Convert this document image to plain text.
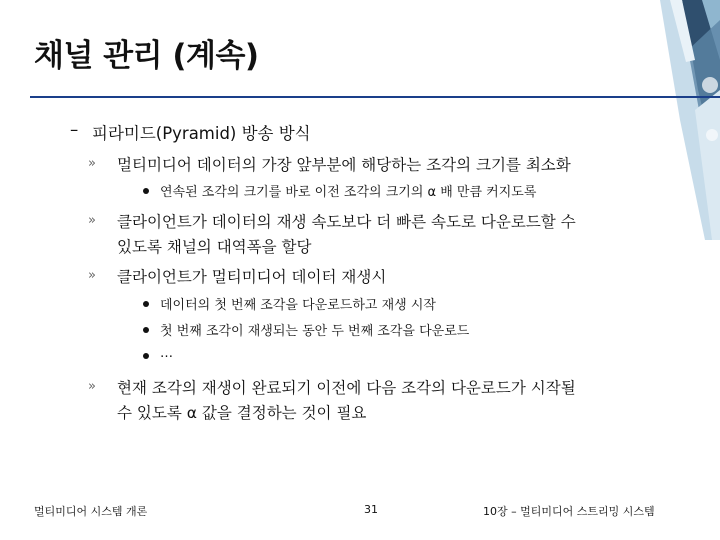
채널 관리 (계속)
– 피라미드(Pyramid) 방송 방식
» 멀티미디어 데이터의 가장 앞부분에 해당하는 조각의 크기를 최소화
연속된 조각의 크기를 바로 이전 조각의 크기의 α 배 만큼 커지도록
» 클라이언트가 데이터의 재생 속도보다 더 빠른 속도로 다운로드할 수
있도록 채널의 대역폭을 할당
» 클라이언트가 멀티미디어 데이터 재생시
데이터의 첫 번째 조각을 다운로드하고 재생 시작
첫 번째 조각이 재생되는 동안 두 번째 조각을 다운로드
…
» 현재 조각의 재생이 완료되기 이전에 다음 조각의 다운로드가 시작될
수 있도록 α 값을 결정하는 것이 필요
멀티미디어 시스템 개론	31	10장 – 멀티미디어 스트리밍 시스템
